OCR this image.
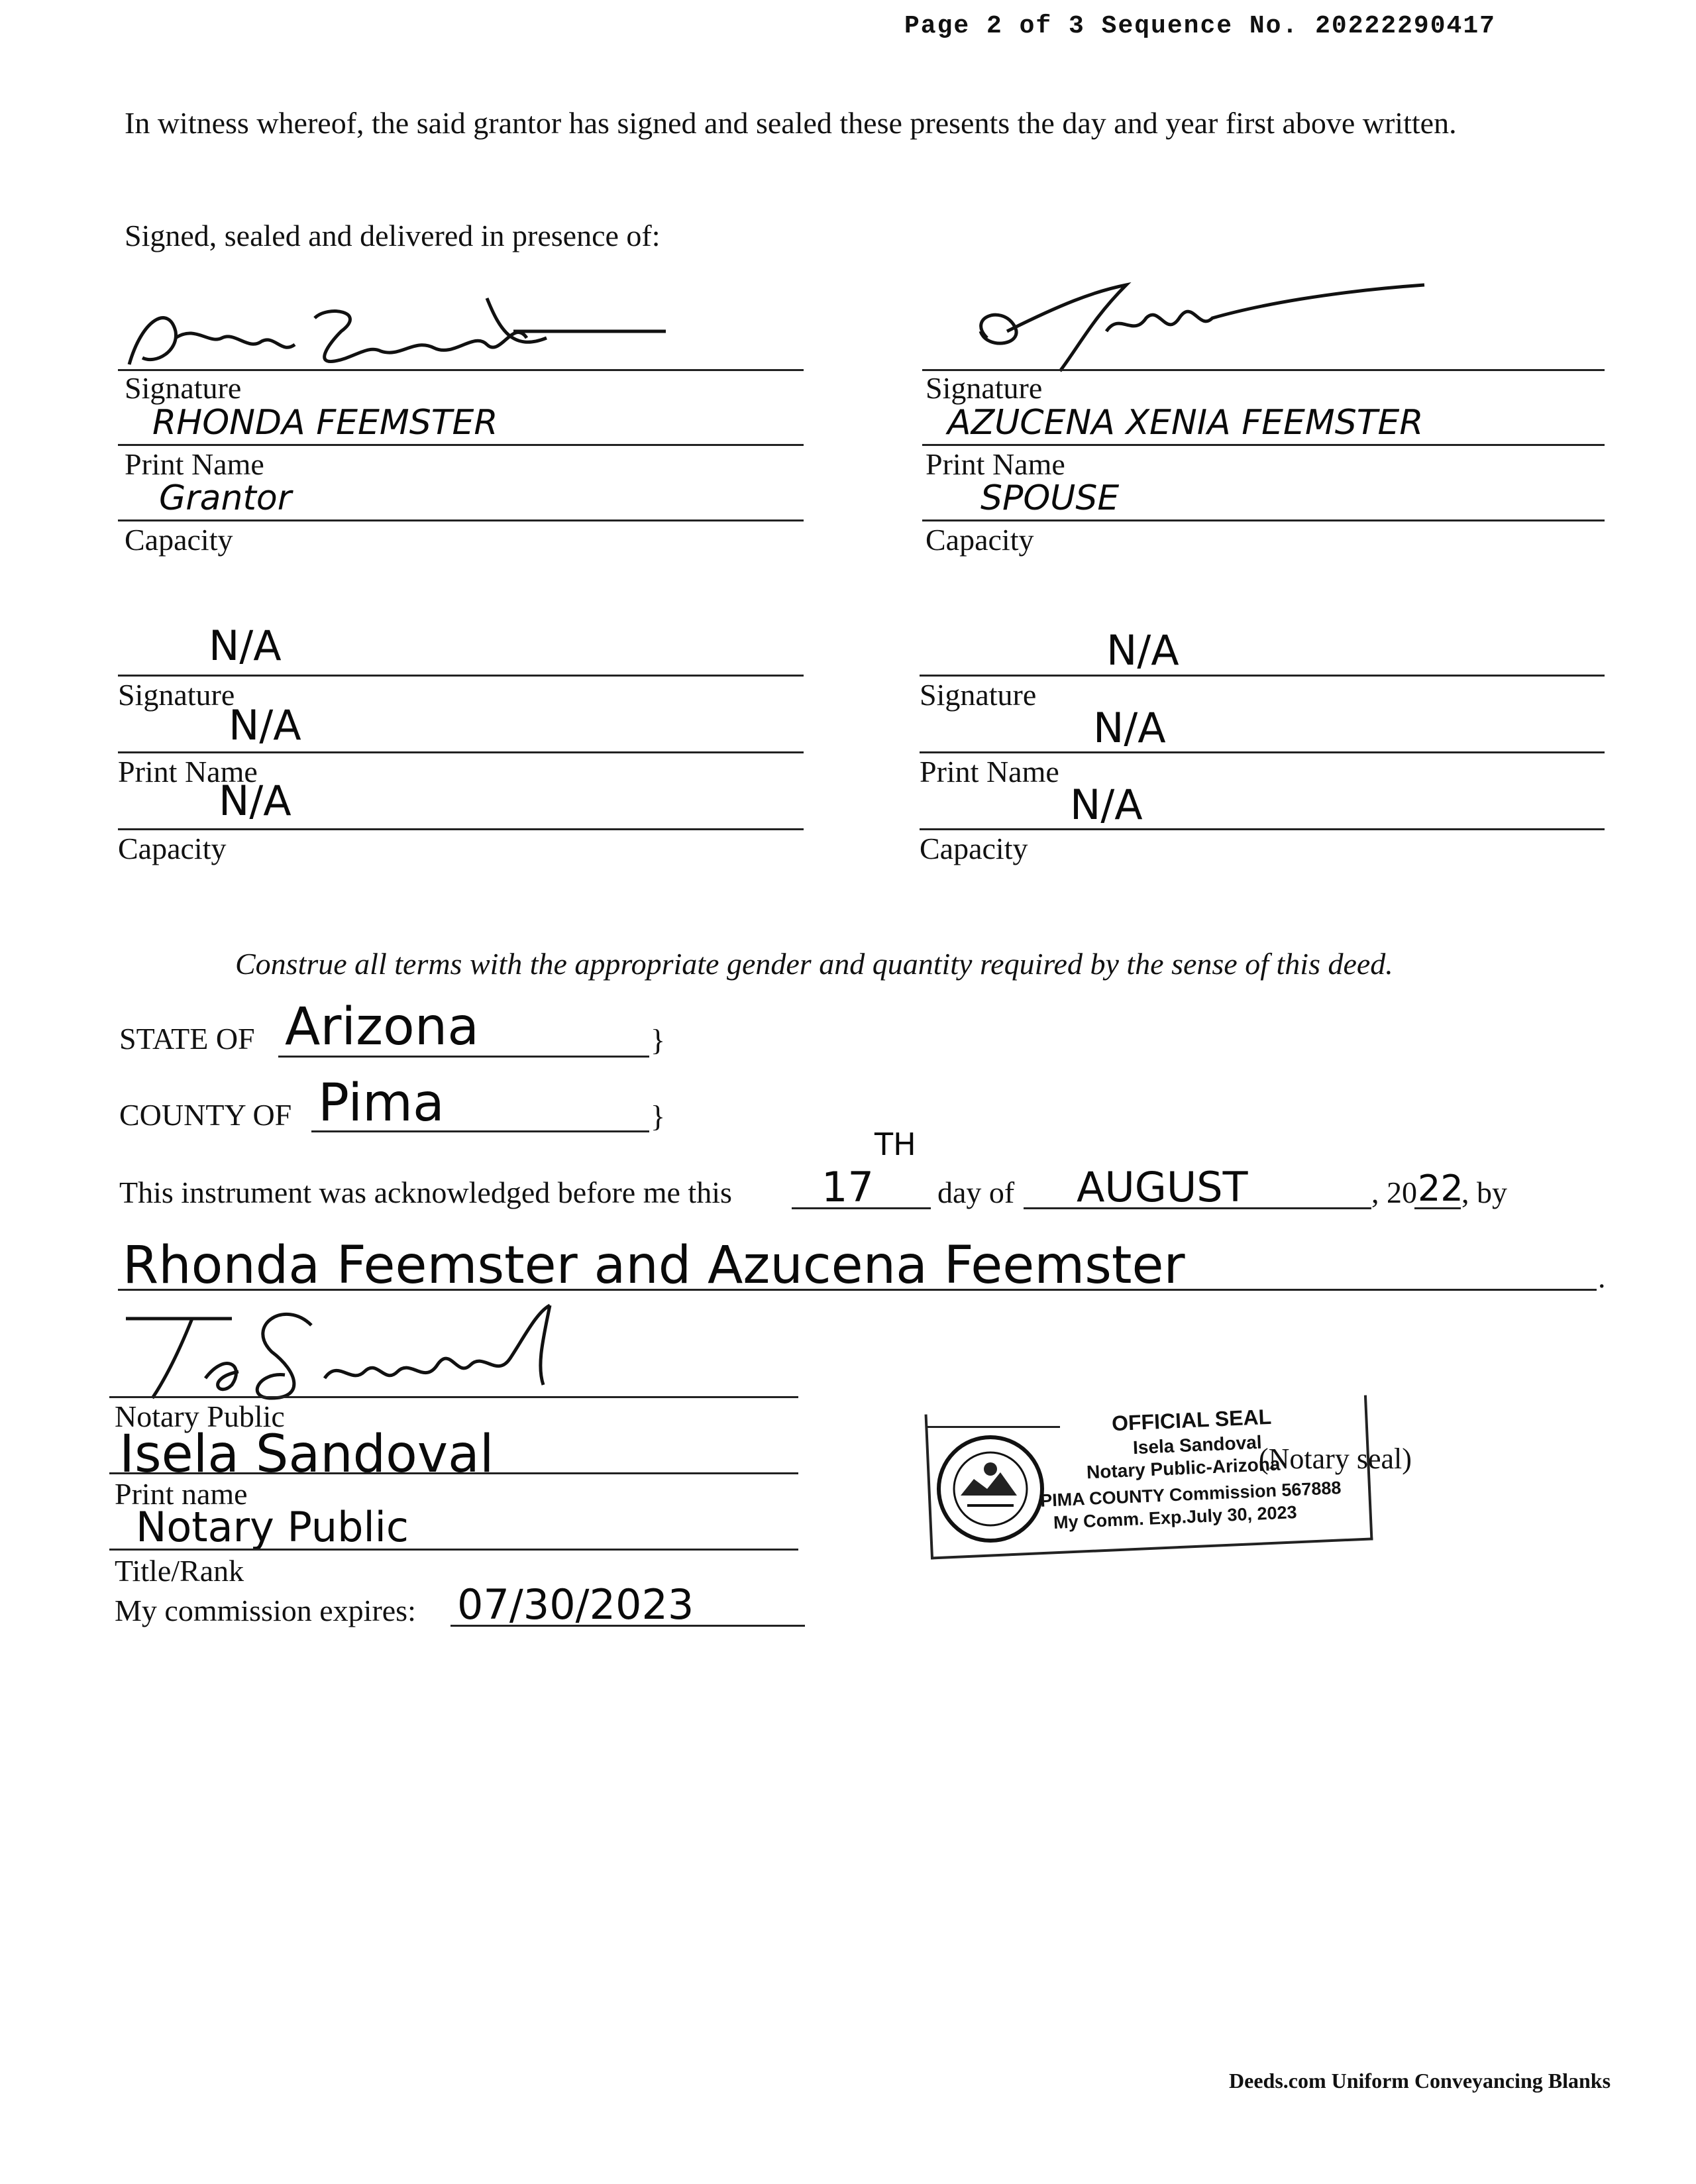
Page 2 of 3 Sequence No. 20222290417
In witness whereof, the said grantor has signed and sealed these presents the day and year first above written.
Signed, sealed and delivered in presence of:
Signature
RHONDA FEEMSTER
Print Name
Grantor
Capacity
Signature
AZUCENA XENIA FEEMSTER
Print Name
SPOUSE
Capacity
N/A
Signature
N/A
Print Name
N/A
Capacity
N/A
Signature
N/A
Print Name
N/A
Capacity
Construe all terms with the appropriate gender and quantity required by the sense of this deed.
STATE OF Arizona	}
COUNTY OF Pima	}
This instrument was acknowledged before me this 17
TH
day of AUGUST	, 20 22
, by
Rhonda Feemster and Azucena Feemster	.
Notary Public
Isela Sandoval
Print name
Notary Public
Title/Rank
My commission expires: 07/30/2023
OFFICIAL SEAL
Isela Sandoval
Notary Public-Arizona
PIMA COUNTY Commission 567888
My Comm. Exp.July 30, 2023
(Notary seal)
Deeds.com Uniform Conveyancing Blanks
